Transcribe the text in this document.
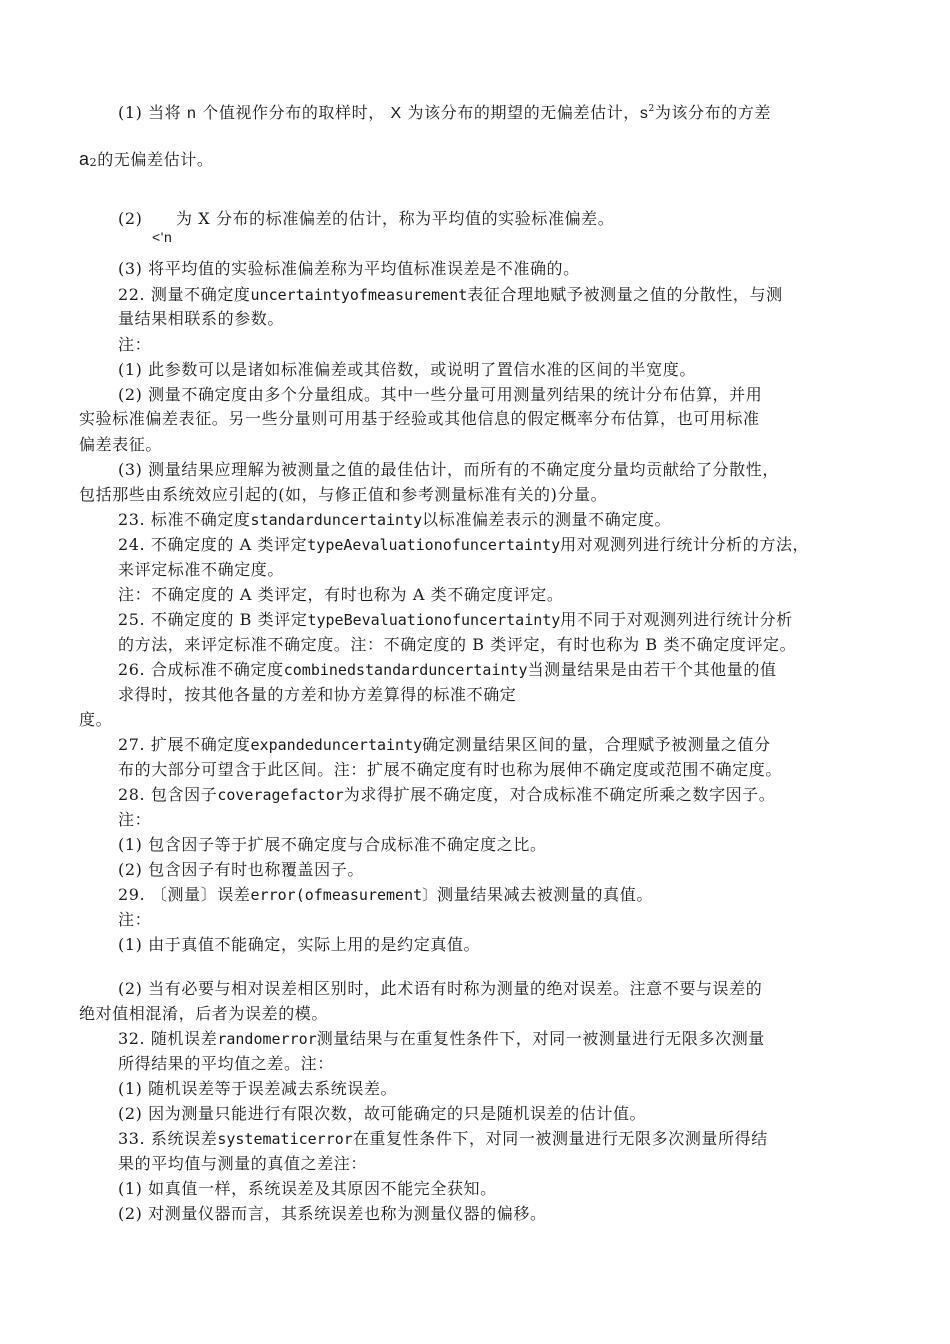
(1) 当将 n 个值视作分布的取样时， X 为该分布的期望的无偏差估计，$s^2$为该分布的方差
a2的无偏差估计。
(2) 为 X 分布的标准偏差的估计，称为平均值的实验标准偏差。
<'n
(3) 将平均值的实验标准偏差称为平均值标准误差是不准确的。
22. 测量不确定度uncertaintyofmeasurement表征合理地赋予被测量之值的分散性，与测
量结果相联系的参数。
注：
(1) 此参数可以是诸如标准偏差或其倍数，或说明了置信水准的区间的半宽度。
(2) 测量不确定度由多个分量组成。其中一些分量可用测量列结果的统计分布估算，并用
实验标准偏差表征。另一些分量则可用基于经验或其他信息的假定概率分布估算，也可用标准
偏差表征。
(3) 测量结果应理解为被测量之值的最佳估计，而所有的不确定度分量均贡献给了分散性，
包括那些由系统效应引起的(如，与修正值和参考测量标准有关的)分量。
23. 标准不确定度standarduncertainty以标准偏差表示的测量不确定度。
24. 不确定度的 A 类评定typeAevaluationofuncertainty用对观测列进行统计分析的方法，
来评定标准不确定度。
注：不确定度的 A 类评定，有时也称为 A 类不确定度评定。
25. 不确定度的 B 类评定typeBevaluationofuncertainty用不同于对观测列进行统计分析
的方法，来评定标准不确定度。注：不确定度的 B 类评定，有时也称为 B 类不确定度评定。
26. 合成标准不确定度combinedstandarduncertainty当测量结果是由若干个其他量的值
求得时，按其他各量的方差和协方差算得的标准不确定
度。
27. 扩展不确定度expandeduncertainty确定测量结果区间的量，合理赋予被测量之值分
布的大部分可望含于此区间。注：扩展不确定度有时也称为展伸不确定度或范围不确定度。
28. 包含因子coveragefactor为求得扩展不确定度，对合成标准不确定所乘之数字因子。
注：
(1) 包含因子等于扩展不确定度与合成标准不确定度之比。
(2) 包含因子有时也称覆盖因子。
29. 〔测量〕误差error(ofmeasurement〕测量结果减去被测量的真值。
注：
(1) 由于真值不能确定，实际上用的是约定真值。
(2) 当有必要与相对误差相区别时，此术语有时称为测量的绝对误差。注意不要与误差的
绝对值相混淆，后者为误差的模。
32. 随机误差randomerror测量结果与在重复性条件下，对同一被测量进行无限多次测量
所得结果的平均值之差。注：
(1) 随机误差等于误差减去系统误差。
(2) 因为测量只能进行有限次数，故可能确定的只是随机误差的估计值。
33. 系统误差systematicerror在重复性条件下，对同一被测量进行无限多次测量所得结
果的平均值与测量的真值之差注：
(1) 如真值一样，系统误差及其原因不能完全获知。
(2) 对测量仪器而言，其系统误差也称为测量仪器的偏移。
